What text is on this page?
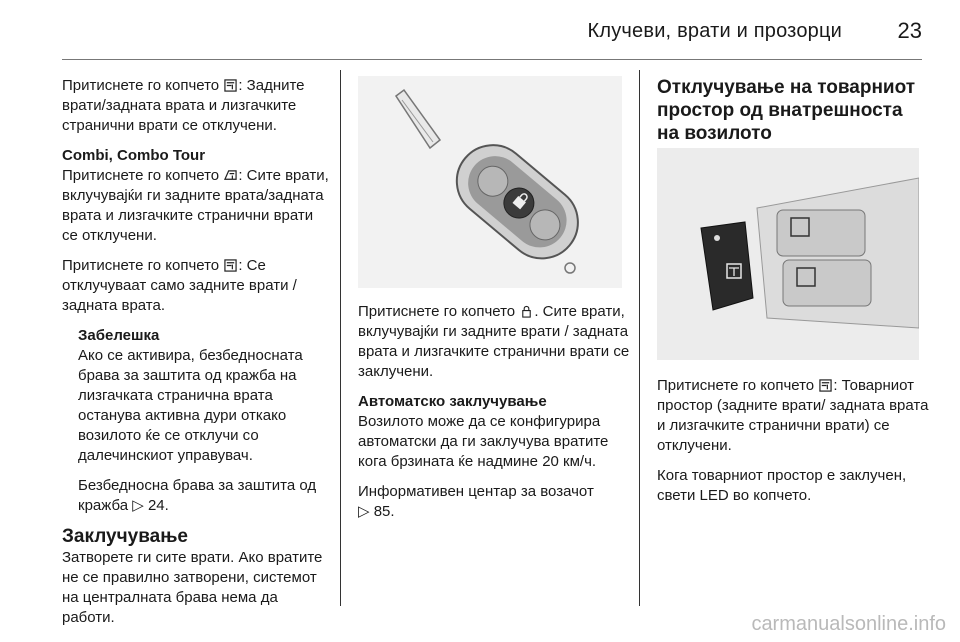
Клучеви, врати и прозорци	23

Притиснете го копчето : Задните врати/задната врата и лизгачките странични врати се отклучени.

Combi, Combo Tour

Притиснете го копчето : Сите врати, вклучувајќи ги задните врата/задната врата и лизгачките странични врати се отклучени.

Притиснете го копчето : Се отклучуваат само задните врати / задната врата.

Забелешка

Ако се активира, безбедносната брава за заштита од кражба на лизгачката странична врата останува активна дури откако возилото ќе се отклучи со далечинскиот управувач.

Безбедносна брава за заштита од кражба ▷ 24.

Заклучување

Затворете ги сите врати. Ако вратите не се правилно затворени, системот на централната брава нема да работи.

Притиснете го копчето . Сите врати, вклучувајќи ги задните врати / задната врата и лизгачките странични врати се заклучени.

Автоматско заклучување

Возилото може да се конфигурира автоматски да ги заклучува вратите кога брзината ќе надмине 20 км/ч.

Информативен центар за возачот
▷ 85.

Отклучување на товарниот простор од внатрешноста на возилото

Притиснете го копчето : Товарниот простор (задните врати/ задната врата и лизгачките странични врати) се отклучени.

Кога товарниот простор е заклучен, свети LED во копчето.

carmanualsonline.info
